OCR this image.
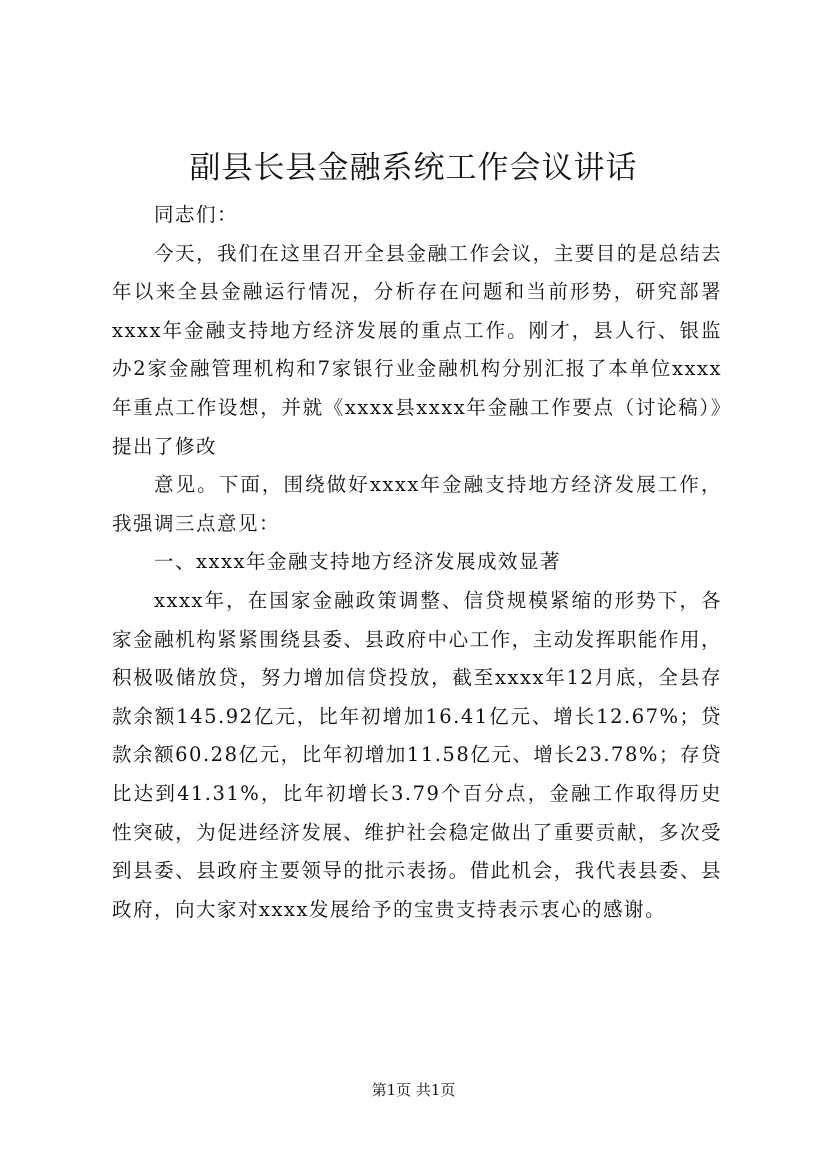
副县长县金融系统工作会议讲话

同志们：

今天，我们在这里召开全县金融工作会议，主要目的是总结去年以来全县金融运行情况，分析存在问题和当前形势，研究部署xxxx年金融支持地方经济发展的重点工作。刚才，县人行、银监办2家金融管理机构和7家银行业金融机构分别汇报了本单位xxxx年重点工作设想，并就《xxxx县xxxx年金融工作要点（讨论稿）》提出了修改

意见。下面，围绕做好xxxx年金融支持地方经济发展工作，我强调三点意见：

一、xxxx年金融支持地方经济发展成效显著

xxxx年，在国家金融政策调整、信贷规模紧缩的形势下，各家金融机构紧紧围绕县委、县政府中心工作，主动发挥职能作用，积极吸储放贷，努力增加信贷投放，截至xxxx年12月底，全县存款余额145.92亿元，比年初增加16.41亿元、增长12.67%；贷款余额60.28亿元，比年初增加11.58亿元、增长23.78%；存贷比达到41.31%，比年初增长3.79个百分点，金融工作取得历史性突破，为促进经济发展、维护社会稳定做出了重要贡献，多次受到县委、县政府主要领导的批示表扬。借此机会，我代表县委、县政府，向大家对xxxx发展给予的宝贵支持表示衷心的感谢。

第1页 共1页
